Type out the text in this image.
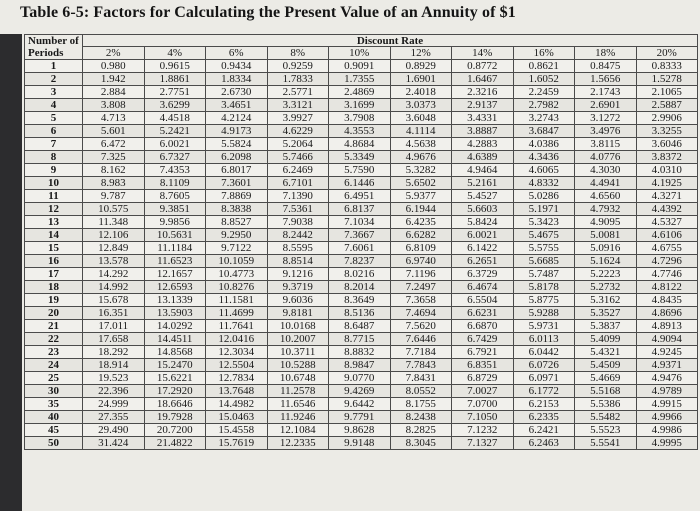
Table 6-5: Factors for Calculating the Present Value of an Annuity of $1
Number of
Periods	Discount Rate									
	2%	4%	6%	8%	10%	12%	14%	16%	18%	20%
1	0.980	0.9615	0.9434	0.9259	0.9091	0.8929	0.8772	0.8621	0.8475	0.8333
2	1.942	1.8861	1.8334	1.7833	1.7355	1.6901	1.6467	1.6052	1.5656	1.5278
3	2.884	2.7751	2.6730	2.5771	2.4869	2.4018	2.3216	2.2459	2.1743	2.1065
4	3.808	3.6299	3.4651	3.3121	3.1699	3.0373	2.9137	2.7982	2.6901	2.5887
5	4.713	4.4518	4.2124	3.9927	3.7908	3.6048	3.4331	3.2743	3.1272	2.9906
6	5.601	5.2421	4.9173	4.6229	4.3553	4.1114	3.8887	3.6847	3.4976	3.3255
7	6.472	6.0021	5.5824	5.2064	4.8684	4.5638	4.2883	4.0386	3.8115	3.6046
8	7.325	6.7327	6.2098	5.7466	5.3349	4.9676	4.6389	4.3436	4.0776	3.8372
9	8.162	7.4353	6.8017	6.2469	5.7590	5.3282	4.9464	4.6065	4.3030	4.0310
10	8.983	8.1109	7.3601	6.7101	6.1446	5.6502	5.2161	4.8332	4.4941	4.1925
11	9.787	8.7605	7.8869	7.1390	6.4951	5.9377	5.4527	5.0286	4.6560	4.3271
12	10.575	9.3851	8.3838	7.5361	6.8137	6.1944	5.6603	5.1971	4.7932	4.4392
13	11.348	9.9856	8.8527	7.9038	7.1034	6.4235	5.8424	5.3423	4.9095	4.5327
14	12.106	10.5631	9.2950	8.2442	7.3667	6.6282	6.0021	5.4675	5.0081	4.6106
15	12.849	11.1184	9.7122	8.5595	7.6061	6.8109	6.1422	5.5755	5.0916	4.6755
16	13.578	11.6523	10.1059	8.8514	7.8237	6.9740	6.2651	5.6685	5.1624	4.7296
17	14.292	12.1657	10.4773	9.1216	8.0216	7.1196	6.3729	5.7487	5.2223	4.7746
18	14.992	12.6593	10.8276	9.3719	8.2014	7.2497	6.4674	5.8178	5.2732	4.8122
19	15.678	13.1339	11.1581	9.6036	8.3649	7.3658	6.5504	5.8775	5.3162	4.8435
20	16.351	13.5903	11.4699	9.8181	8.5136	7.4694	6.6231	5.9288	5.3527	4.8696
21	17.011	14.0292	11.7641	10.0168	8.6487	7.5620	6.6870	5.9731	5.3837	4.8913
22	17.658	14.4511	12.0416	10.2007	8.7715	7.6446	6.7429	6.0113	5.4099	4.9094
23	18.292	14.8568	12.3034	10.3711	8.8832	7.7184	6.7921	6.0442	5.4321	4.9245
24	18.914	15.2470	12.5504	10.5288	8.9847	7.7843	6.8351	6.0726	5.4509	4.9371
25	19.523	15.6221	12.7834	10.6748	9.0770	7.8431	6.8729	6.0971	5.4669	4.9476
30	22.396	17.2920	13.7648	11.2578	9.4269	8.0552	7.0027	6.1772	5.5168	4.9789
35	24.999	18.6646	14.4982	11.6546	9.6442	8.1755	7.0700	6.2153	5.5386	4.9915
40	27.355	19.7928	15.0463	11.9246	9.7791	8.2438	7.1050	6.2335	5.5482	4.9966
45	29.490	20.7200	15.4558	12.1084	9.8628	8.2825	7.1232	6.2421	5.5523	4.9986
50	31.424	21.4822	15.7619	12.2335	9.9148	8.3045	7.1327	6.2463	5.5541	4.9995
